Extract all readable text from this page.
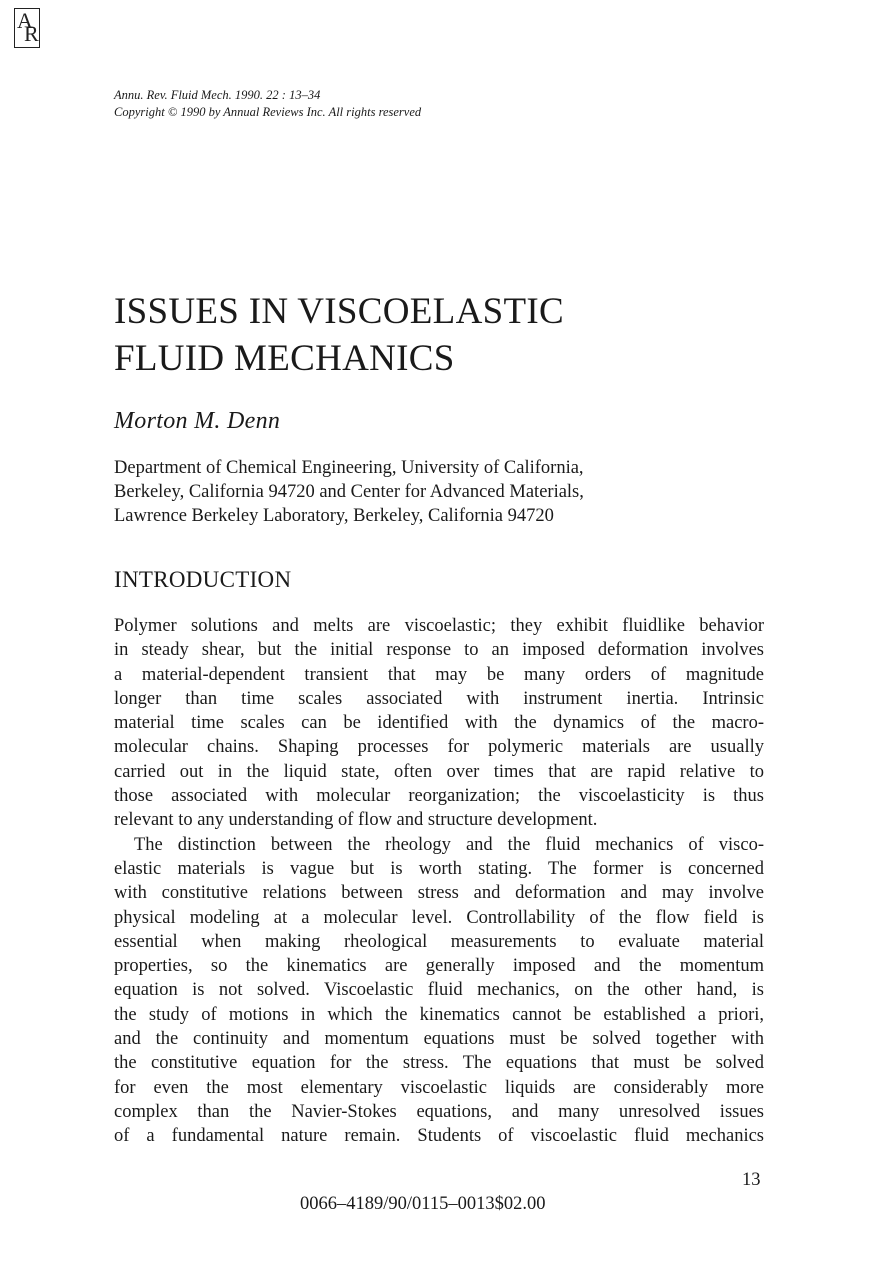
A
R
Annu. Rev. Fluid Mech. 1990. 22 : 13–34
Copyright © 1990 by Annual Reviews Inc. All rights reserved
ISSUES IN VISCOELASTIC
FLUID MECHANICS
Morton M. Denn
Department of Chemical Engineering, University of California,
Berkeley, California 94720 and Center for Advanced Materials,
Lawrence Berkeley Laboratory, Berkeley, California 94720
INTRODUCTION
Polymer solutions and melts are viscoelastic; they exhibit fluidlike behavior
in steady shear, but the initial response to an imposed deformation involves
a material-dependent transient that may be many orders of magnitude
longer than time scales associated with instrument inertia. Intrinsic
material time scales can be identified with the dynamics of the macro-
molecular chains. Shaping processes for polymeric materials are usually
carried out in the liquid state, often over times that are rapid relative to
those associated with molecular reorganization; the viscoelasticity is thus
relevant to any understanding of flow and structure development.
The distinction between the rheology and the fluid mechanics of visco-
elastic materials is vague but is worth stating. The former is concerned
with constitutive relations between stress and deformation and may involve
physical modeling at a molecular level. Controllability of the flow field is
essential when making rheological measurements to evaluate material
properties, so the kinematics are generally imposed and the momentum
equation is not solved. Viscoelastic fluid mechanics, on the other hand, is
the study of motions in which the kinematics cannot be established a priori,
and the continuity and momentum equations must be solved together with
the constitutive equation for the stress. The equations that must be solved
for even the most elementary viscoelastic liquids are considerably more
complex than the Navier-Stokes equations, and many unresolved issues
of a fundamental nature remain. Students of viscoelastic fluid mechanics
13
0066–4189/90/0115–0013$02.00
